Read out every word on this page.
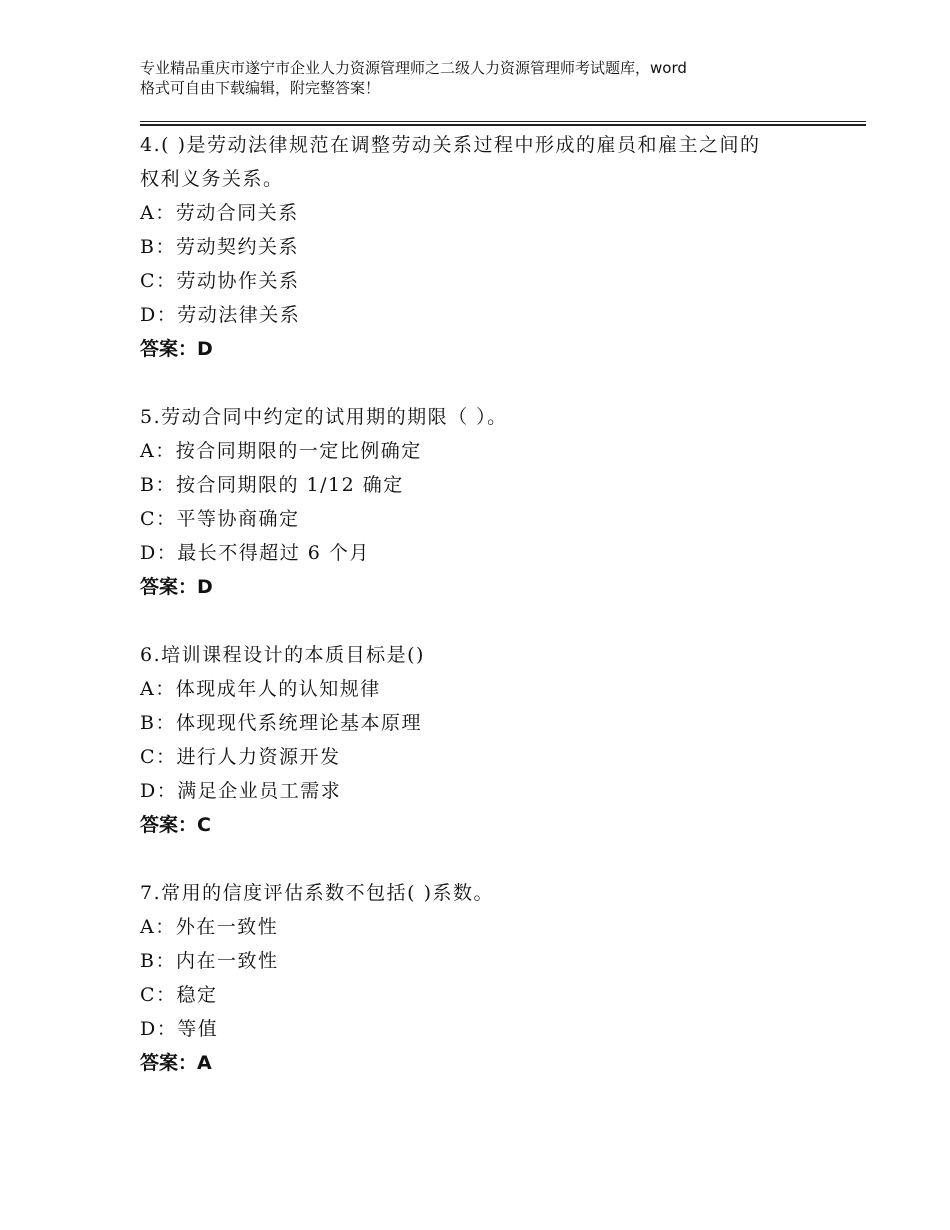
专业精品重庆市遂宁市企业人力资源管理师之二级人力资源管理师考试题库，word
格式可自由下载编辑，附完整答案！
4.( )是劳动法律规范在调整劳动关系过程中形成的雇员和雇主之间的
权利义务关系。
A：劳动合同关系
B：劳动契约关系
C：劳动协作关系
D：劳动法律关系
答案：D
5.劳动合同中约定的试用期的期限（ ）。
A：按合同期限的一定比例确定
B：按合同期限的 1/12 确定
C：平等协商确定
D：最长不得超过 6 个月
答案：D
6.培训课程设计的本质目标是()
A：体现成年人的认知规律
B：体现现代系统理论基本原理
C：进行人力资源开发
D：满足企业员工需求
答案：C
7.常用的信度评估系数不包括( )系数。
A：外在一致性
B：内在一致性
C：稳定
D：等值
答案：A
